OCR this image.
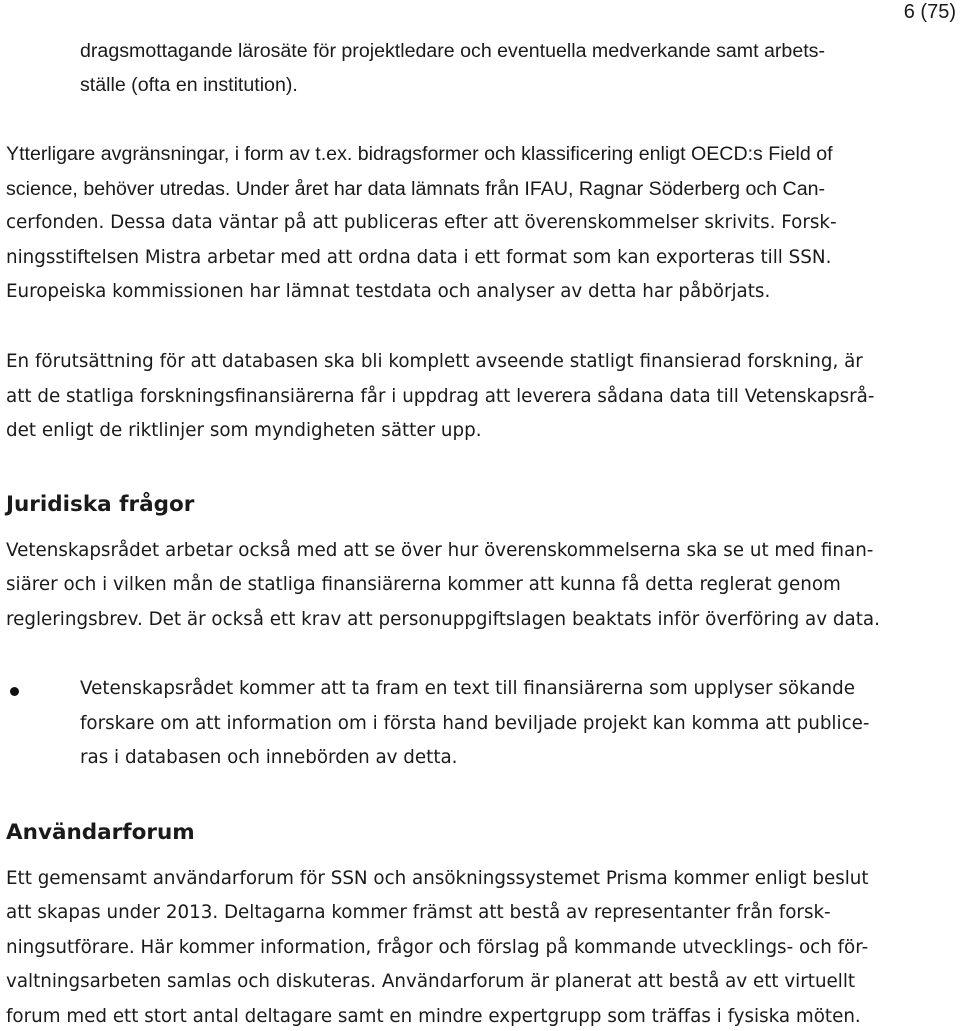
6 (75)
dragsmottagande lärosäte för projektledare och eventuella medverkande samt arbets-
ställe (ofta en institution).
Ytterligare avgränsningar, i form av t.ex. bidragsformer och klassificering enligt OECD:s Field of
science, behöver utredas. Under året har data lämnats från IFAU, Ragnar Söderberg och Can-
cerfonden. Dessa data väntar på att publiceras efter att överenskommelser skrivits. Forsk-
ningsstiftelsen Mistra arbetar med att ordna data i ett format som kan exporteras till SSN.
Europeiska kommissionen har lämnat testdata och analyser av detta har påbörjats.
En förutsättning för att databasen ska bli komplett avseende statligt finansierad forskning, är
att de statliga forskningsfinansiärerna får i uppdrag att leverera sådana data till Vetenskapsrå-
det enligt de riktlinjer som myndigheten sätter upp.
Juridiska frågor
Vetenskapsrådet arbetar också med att se över hur överenskommelserna ska se ut med finan-
siärer och i vilken mån de statliga finansiärerna kommer att kunna få detta reglerat genom
regleringsbrev. Det är också ett krav att personuppgiftslagen beaktats inför överföring av data.
Vetenskapsrådet kommer att ta fram en text till finansiärerna som upplyser sökande
forskare om att information om i första hand beviljade projekt kan komma att publice-
ras i databasen och innebörden av detta.
Användarforum
Ett gemensamt användarforum för SSN och ansökningssystemet Prisma kommer enligt beslut
att skapas under 2013. Deltagarna kommer främst att bestå av representanter från forsk-
ningsutförare. Här kommer information, frågor och förslag på kommande utvecklings- och för-
valtningsarbeten samlas och diskuteras. Användarforum är planerat att bestå av ett virtuellt
forum med ett stort antal deltagare samt en mindre expertgrupp som träffas i fysiska möten.
